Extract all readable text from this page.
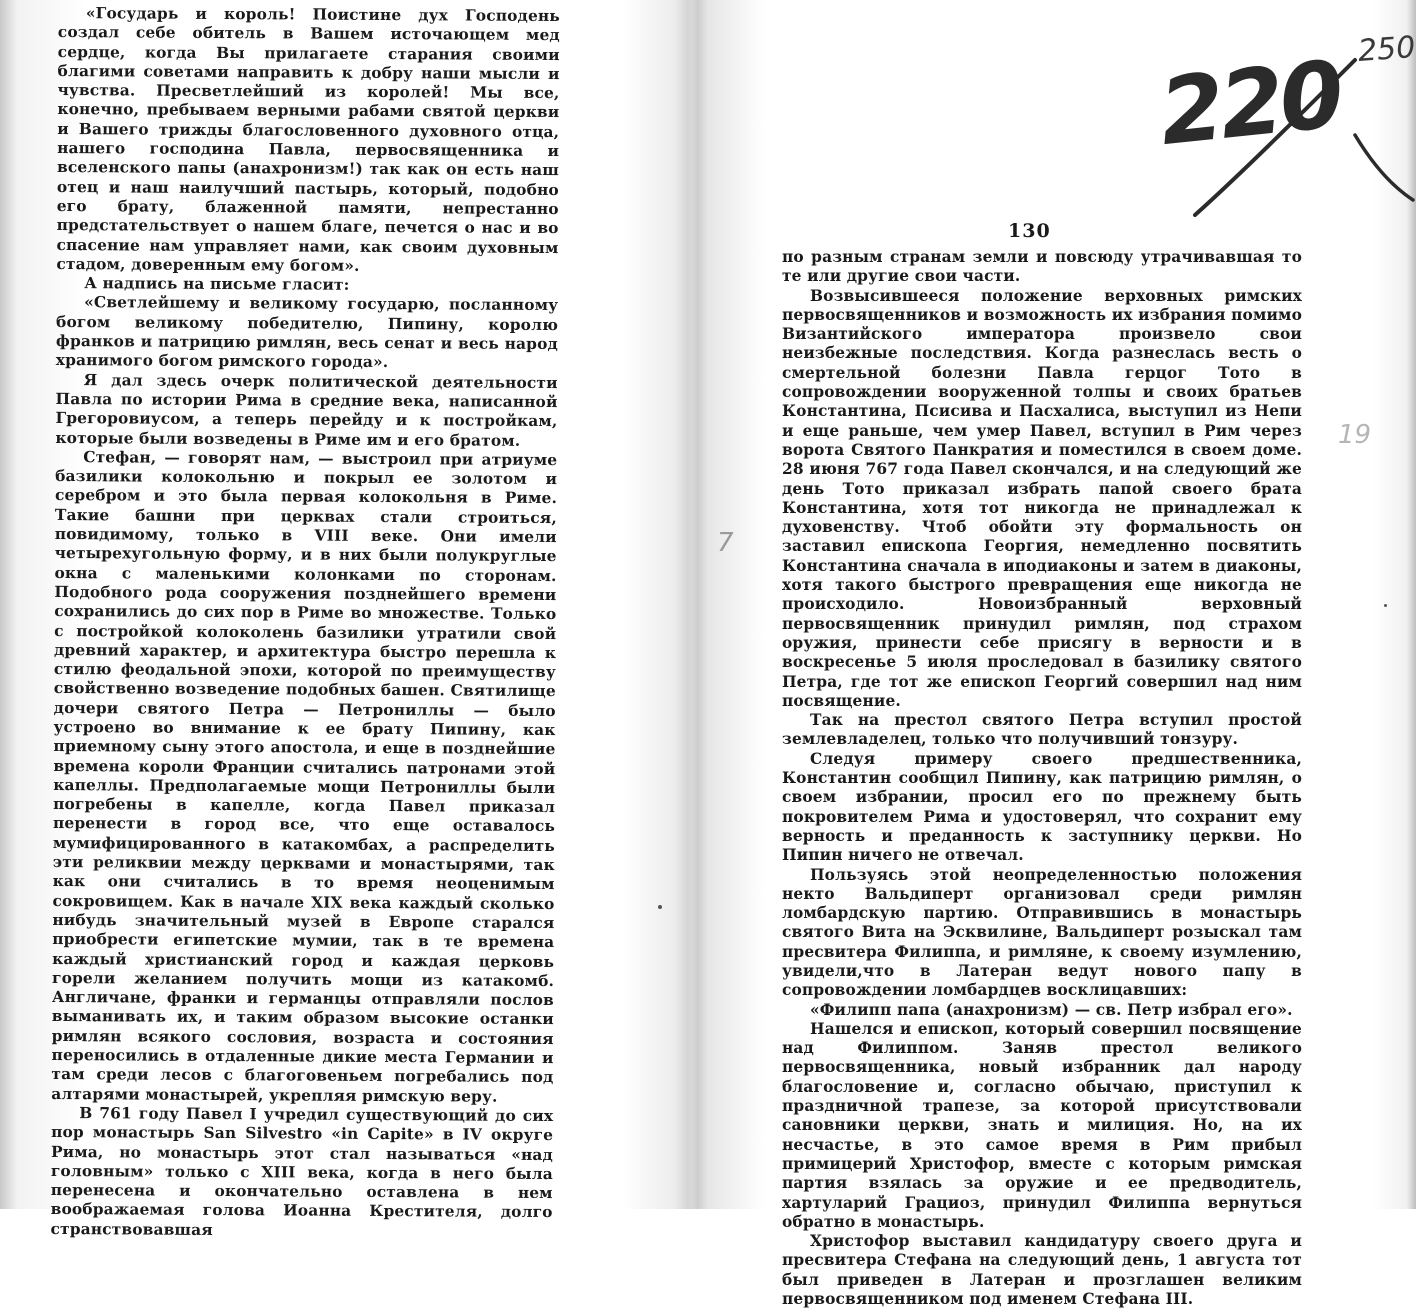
«Государь и король! Поистине дух Господень создал себе обитель в Вашем источающем мед сердце, когда Вы прилагаете старания своими благими советами направить к добру наши мысли и чувства. Пресветлейший из королей! Мы все, конечно, пребываем верными рабами святой церкви и Вашего трижды благословенного духовного отца, нашего господина Павла, первосвященника и вселенского папы (анахронизм!) так как он есть наш отец и наш наилучший пастырь, который, подобно его брату, блаженной памяти, непрестанно предстательствует о нашем благе, печется о нас и во спасение нам управляет нами, как своим духовным стадом, доверенным ему богом».

А надпись на письме гласит:

«Светлейшему и великому государю, посланному богом великому победителю, Пипину, королю франков и патрицию римлян, весь сенат и весь народ хранимого богом римского города».

Я дал здесь очерк политической деятельности Павла по истории Рима в средние века, написанной Грегоровиусом, а теперь перейду и к постройкам, которые были возведены в Риме им и его братом.

Стефан, — говорят нам, — выстроил при атриуме базилики колокольню и покрыл ее золотом и серебром и это была первая колокольня в Риме. Такие башни при церквах стали строиться, повидимому, только в VIII веке. Они имели четырехугольную форму, и в них были полукруглые окна с маленькими колонками по сторонам. Подобного рода сооружения позднейшего времени сохранились до сих пор в Риме во множестве. Только с постройкой колоколень базилики утратили свой древний характер, и архитектура быстро перешла к стилю феодальной эпохи, которой по преимуществу свойственно возведение подобных башен. Святилище дочери святого Петра — Петрониллы — было устроено во внимание к ее брату Пипину, как приемному сыну этого апостола, и еще в позднейшие времена короли Франции считались патронами этой капеллы. Предполагаемые мощи Петрониллы были погребены в капелле, когда Павел приказал перенести в город все, что еще оставалось мумифицированного в катакомбах, а распределить эти реликвии между церквами и монастырями, так как они считались в то время неоценимым сокровищем. Как в начале XIX века каждый сколько нибудь значительный музей в Европе старался приобрести египетские мумии, так в те времена каждый христианский город и каждая церковь горели желанием получить мощи из катакомб. Англичане, франки и германцы отправляли послов выманивать их, и таким образом высокие останки римлян всякого сословия, возраста и состояния переносились в отдаленные дикие места Германии и там среди лесов с благоговеньем погребались под алтарями монастырей, укрепляя римскую веру.

В 761 году Павел I учредил существующий до сих пор монастырь San Silvestro «in Capite» в IV округе Рима, но монастырь этот стал называться «над головным» только с XIII века, когда в него была перенесена и окончательно оставлена в нем воображаемая голова Иоанна Крестителя, долго странствовавшая

130

по разным странам земли и повсюду утрачивавшая то те или другие свои части.

Возвысившееся положение верховных римских первосвященников и возможность их избрания помимо Византийского императора произвело свои неизбежные последствия. Когда разнеслась весть о смертельной болезни Павла герцог Тото в сопровождении вооруженной толпы и своих братьев Константина, Псисива и Пасхалиса, выступил из Непи и еще раньше, чем умер Павел, вступил в Рим через ворота Святого Панкратия и поместился в своем доме. 28 июня 767 года Павел скончался, и на следующий же день Тото приказал избрать папой своего брата Константина, хотя тот никогда не принадлежал к духовенству. Чтоб обойти эту формальность он заставил епископа Георгия, немедленно посвятить Константина сначала в иподиаконы и затем в диаконы, хотя такого быстрого превращения еще никогда не происходило. Новоизбранный верховный первосвященник принудил римлян, под страхом оружия, принести себе присягу в верности и в воскресенье 5 июля проследовал в базилику святого Петра, где тот же епископ Георгий совершил над ним посвящение.

Так на престол святого Петра вступил простой землевладелец, только что получивший тонзуру.

Следуя примеру своего предшественника, Константин сообщил Пипину, как патрицию римлян, о своем избрании, просил его по прежнему быть покровителем Рима и удостоверял, что сохранит ему верность и преданность к заступнику церкви. Но Пипин ничего не отвечал.

Пользуясь этой неопределенностью положения некто Вальдиперт организовал среди римлян ломбардскую партию. Отправившись в монастырь святого Вита на Эсквилине, Вальдиперт розыскал там пресвитера Филиппа, и римляне, к своему изумлению, увидели,что в Латеран ведут нового папу в сопровождении ломбардцев восклицавших:

«Филипп папа (анахронизм) — св. Петр избрал его».

Нашелся и епископ, который совершил посвящение над Филиппом. Заняв престол великого первосвященника, новый избранник дал народу благословение и, согласно обычаю, приступил к праздничной трапезе, за которой присутствовали сановники церкви, знать и милиция. Но, на их несчастье, в это самое время в Рим прибыл примицерий Христофор, вместе с которым римская партия взялась за оружие и ее предводитель, хартуларий Грациоз, принудил Филиппа вернуться обратно в монастырь.

Христофор выставил кандидатуру своего друга и пресвитера Стефана на следующий день, 1 августа тот был приведен в Латеран и прозглашен великим первосвященником под именем Стефана III.

220 250
19
7
